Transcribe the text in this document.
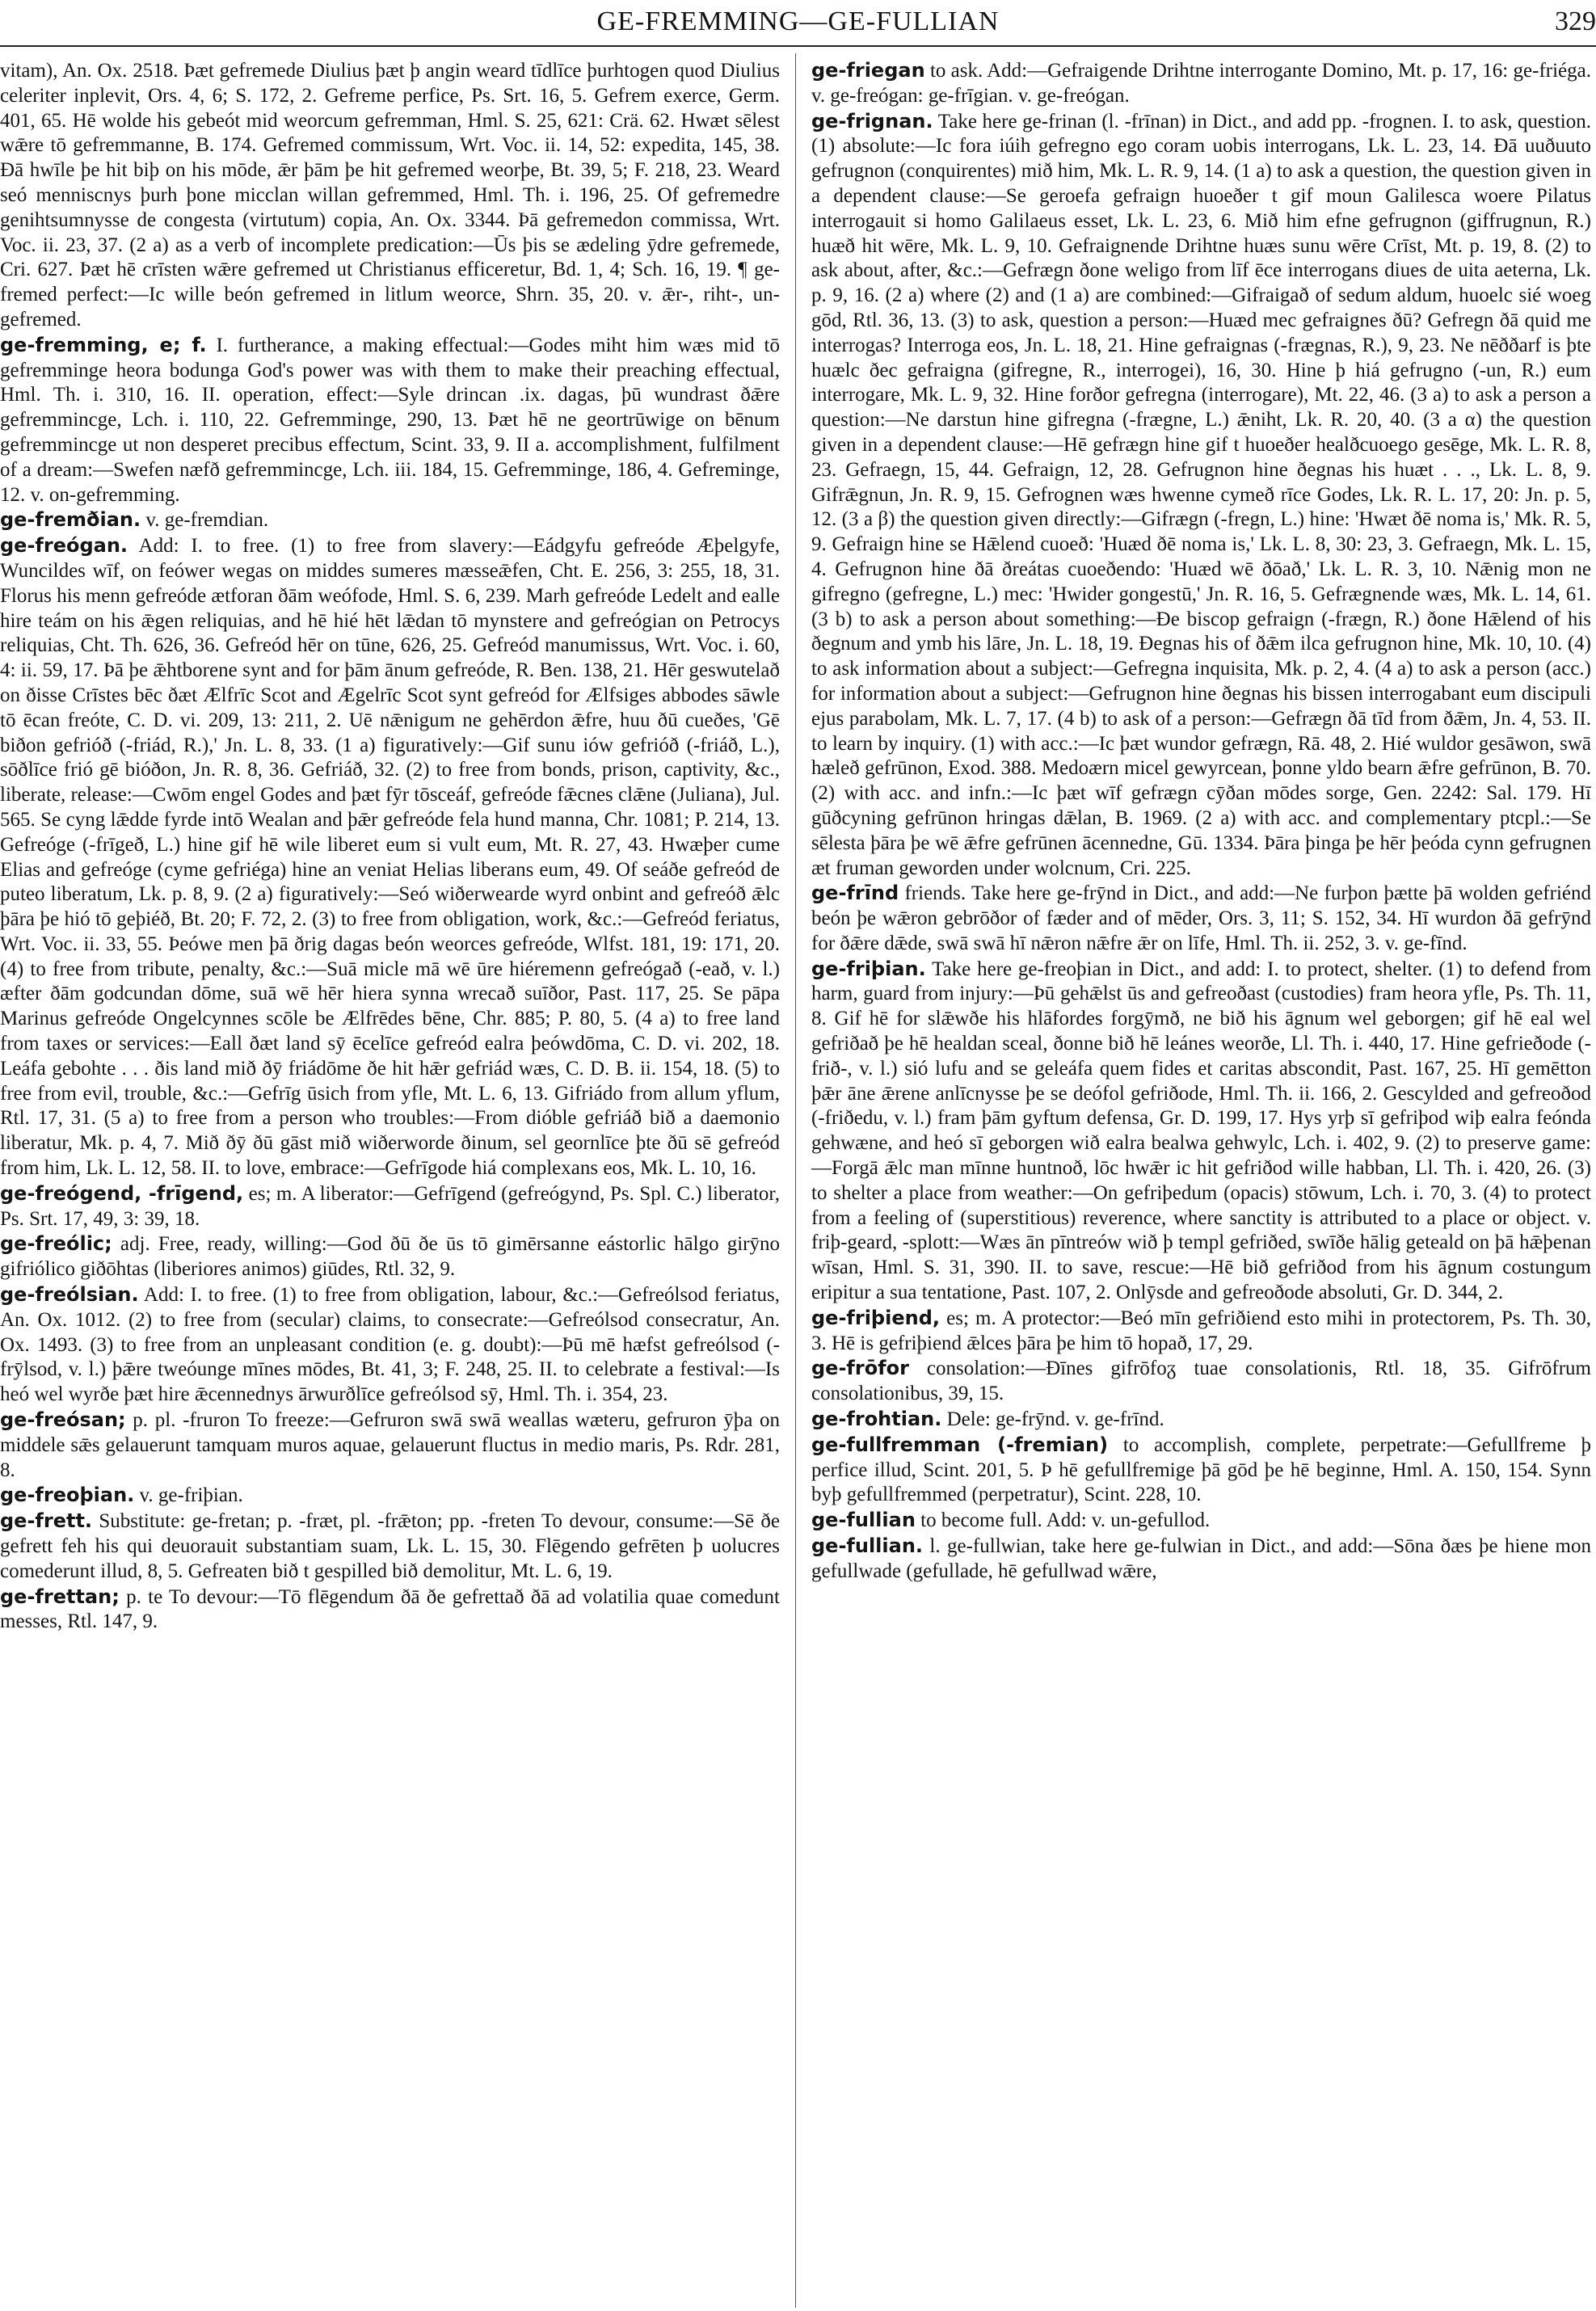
GE-FREMMING—GE-FULLIAN	329

vitam), An. Ox. 2518. Þæt gefremede Diulius þæt þ angin weard tīdlīce þurhtogen quod Diulius celeriter inplevit, Ors. 4, 6; S. 172, 2. Gefreme perfice, Ps. Srt. 16, 5. Gefrem exerce, Germ. 401, 65. Hē wolde his gebeót mid weorcum gefremman, Hml. S. 25, 621: Crä. 62. Hwæt sēlest wǣre tō gefremmanne, B. 174. Gefremed commissum, Wrt. Voc. ii. 14, 52: expedita, 145, 38. Ðā hwīle þe hit biþ on his mōde, ǣr þām þe hit gefremed weorþe, Bt. 39, 5; F. 218, 23. Weard seó menniscnys þurh þone micclan willan gefremmed, Hml. Th. i. 196, 25. Of gefremedre genihtsumnysse de congesta (virtutum) copia, An. Ox. 3344. Þā gefremedon commissa, Wrt. Voc. ii. 23, 37. (2 a) as a verb of incomplete predication:—Ūs þis se ædeling ȳdre gefremede, Cri. 627. Þæt hē crīsten wǣre gefremed ut Christianus efficeretur, Bd. 1, 4; Sch. 16, 19. ¶ ge-fremed perfect:—Ic wille beón gefremed in litlum weorce, Shrn. 35, 20. v. ǣr-, riht-, un-gefremed.

ge-fremming, e; f. I. furtherance, a making effectual:—Godes miht him wæs mid tō gefremminge heora bodunga God's power was with them to make their preaching effectual, Hml. Th. i. 310, 16. II. operation, effect:—Syle drincan .ix. dagas, þū wundrast ðǣre gefremmincge, Lch. i. 110, 22. Gefremminge, 290, 13. Þæt hē ne geortrūwige on bēnum gefremmincge ut non desperet precibus effectum, Scint. 33, 9. II a. accomplishment, fulfilment of a dream:—Swefen næfð gefremmincge, Lch. iii. 184, 15. Gefremminge, 186, 4. Gefreminge, 12. v. on-gefremming.

ge-fremðian. v. ge-fremdian.

ge-freógan. Add: I. to free. (1) to free from slavery:—Eádgyfu gefreóde Æþelgyfe, Wuncildes wīf, on feówer wegas on middes sumeres mæsseǣfen, Cht. E. 256, 3: 255, 18, 31. Florus his menn gefreóde ætforan ðām weófode, Hml. S. 6, 239. Marh gefreóde Ledelt and ealle hire teám on his ǣgen reliquias, and hē hié hēt lǣdan tō mynstere and gefreógian on Petrocys reliquias, Cht. Th. 626, 36. Gefreód hēr on tūne, 626, 25. Gefreód manumissus, Wrt. Voc. i. 60, 4: ii. 59, 17. Þā þe ǣhtborene synt and for þām ānum gefreóde, R. Ben. 138, 21. Hēr geswutelað on ðisse Crīstes bēc ðæt Ælfrīc Scot and Ægelrīc Scot synt gefreód for Ælfsiges abbodes sāwle tō ēcan freóte, C. D. vi. 209, 13: 211, 2. Uē nǣnigum ne gehērdon ǣfre, huu ðū cueðes, 'Gē biðon gefrióð (-friád, R.),' Jn. L. 8, 33. (1 a) figuratively:—Gif sunu iów gefrióð (-friáð, L.), sōðlīce frió gē bióðon, Jn. R. 8, 36. Gefriáð, 32. (2) to free from bonds, prison, captivity, &c., liberate, release:—Cwōm engel Godes and þæt fȳr tōsceáf, gefreóde fǣcnes clǣne (Juliana), Jul. 565. Se cyng lǣdde fyrde intō Wealan and þǣr gefreóde fela hund manna, Chr. 1081; P. 214, 13. Gefreóge (-frīgeð, L.) hine gif hē wile liberet eum si vult eum, Mt. R. 27, 43. Hwæþer cume Elias and gefreóge (cyme gefriéga) hine an veniat Helias liberans eum, 49. Of seáðe gefreód de puteo liberatum, Lk. p. 8, 9. (2 a) figuratively:—Seó wiðerwearde wyrd onbint and gefreóð ǣlc þāra þe hió tō geþiéð, Bt. 20; F. 72, 2. (3) to free from obligation, work, &c.:—Gefreód feriatus, Wrt. Voc. ii. 33, 55. Þeówe men þā ðrig dagas beón weorces gefreóde, Wlfst. 181, 19: 171, 20. (4) to free from tribute, penalty, &c.:—Suā micle mā wē ūre hiéremenn gefreógað (-eað, v. l.) æfter ðām godcundan dōme, suā wē hēr hiera synna wrecað suīðor, Past. 117, 25. Se pāpa Marinus gefreóde Ongelcynnes scōle be Ælfrēdes bēne, Chr. 885; P. 80, 5. (4 a) to free land from taxes or services:—Eall ðæt land sȳ ēcelīce gefreód ealra þeówdōma, C. D. vi. 202, 18. Leáfa gebohte . . . ðis land mið ðȳ friádōme ðe hit hǣr gefriád wæs, C. D. B. ii. 154, 18. (5) to free from evil, trouble, &c.:—Gefrīg ūsich from yfle, Mt. L. 6, 13. Gifriádo from allum yflum, Rtl. 17, 31. (5 a) to free from a person who troubles:—From dióble gefriáð bið a daemonio liberatur, Mk. p. 4, 7. Mið ðȳ ðū gāst mið wiðerworde ðinum, sel geornlīce þte ðū sē gefreód from him, Lk. L. 12, 58. II. to love, embrace:—Gefrīgode hiá complexans eos, Mk. L. 10, 16.

ge-freógend, -frīgend, es; m. A liberator:—Gefrīgend (gefreógynd, Ps. Spl. C.) liberator, Ps. Srt. 17, 49, 3: 39, 18.

ge-freólic; adj. Free, ready, willing:—God ðū ðe ūs tō gimērsanne eástorlic hālgo girȳno gifriólico giðōhtas (liberiores animos) giūdes, Rtl. 32, 9.

ge-freólsian. Add: I. to free. (1) to free from obligation, labour, &c.:—Gefreólsod feriatus, An. Ox. 1012. (2) to free from (secular) claims, to consecrate:—Gefreólsod consecratur, An. Ox. 1493. (3) to free from an unpleasant condition (e. g. doubt):—Þū mē hæfst gefreólsod (-frȳlsod, v. l.) þǣre tweóunge mīnes mōdes, Bt. 41, 3; F. 248, 25. II. to celebrate a festival:—Is heó wel wyrðe þæt hire ǣcennednys ārwurðlīce gefreólsod sȳ, Hml. Th. i. 354, 23.

ge-freósan; p. pl. -fruron To freeze:—Gefruron swā swā weallas wæteru, gefruron ȳþa on middele sǣs gelauerunt tamquam muros aquae, gelauerunt fluctus in medio maris, Ps. Rdr. 281, 8.

ge-freoþian. v. ge-friþian.

ge-frett. Substitute: ge-fretan; p. -fræt, pl. -frǣton; pp. -freten To devour, consume:—Sē ðe gefrett feh his qui deuorauit substantiam suam, Lk. L. 15, 30. Flēgendo gefrēten þ uolucres comederunt illud, 8, 5. Gefreaten bið t gespilled bið demolitur, Mt. L. 6, 19.

ge-frettan; p. te To devour:—Tō flēgendum ðā ðe gefrettað ðā ad volatilia quae comedunt messes, Rtl. 147, 9.

ge-friegan to ask. Add:—Gefraigende Drihtne interrogante Domino, Mt. p. 17, 16: ge-friéga. v. ge-freógan: ge-frīgian. v. ge-freógan.

ge-frignan. Take here ge-frinan (l. -frīnan) in Dict., and add pp. -frognen. I. to ask, question. (1) absolute:—Ic fora iúih gefregno ego coram uobis interrogans, Lk. L. 23, 14. Ðā uuðuuto gefrugnon (conquirentes) mið him, Mk. L. R. 9, 14. (1 a) to ask a question, the question given in a dependent clause:—Se geroefa gefraign huoeðer t gif moun Galilesca woere Pilatus interrogauit si homo Galilaeus esset, Lk. L. 23, 6. Mið him efne gefrugnon (giffrugnun, R.) huæð hit wēre, Mk. L. 9, 10. Gefraignende Drihtne huæs sunu wēre Crīst, Mt. p. 19, 8. (2) to ask about, after, &c.:—Gefrægn ðone weligo from līf ēce interrogans diues de uita aeterna, Lk. p. 9, 16. (2 a) where (2) and (1 a) are combined:—Gifraigað of sedum aldum, huoelc sié woeg gōd, Rtl. 36, 13. (3) to ask, question a person:—Huæd mec gefraignes ðū? Gefregn ðā quid me interrogas? Interroga eos, Jn. L. 18, 21. Hine gefraignas (-frægnas, R.), 9, 23. Ne nēððarf is þte huælc ðec gefraigna (gifregne, R., interrogei), 16, 30. Hine þ hiá gefrugno (-un, R.) eum interrogare, Mk. L. 9, 32. Hine forðor gefregna (interrogare), Mt. 22, 46. (3 a) to ask a person a question:—Ne darstun hine gifregna (-frægne, L.) ǣniht, Lk. R. 20, 40. (3 a α) the question given in a dependent clause:—Hē gefrægn hine gif t huoeðer healðcuoego gesēge, Mk. L. R. 8, 23. Gefraegn, 15, 44. Gefraign, 12, 28. Gefrugnon hine ðegnas his huæt . . ., Lk. L. 8, 9. Gifrǣgnun, Jn. R. 9, 15. Gefrognen wæs hwenne cymeð rīce Godes, Lk. R. L. 17, 20: Jn. p. 5, 12. (3 a β) the question given directly:—Gifrægn (-fregn, L.) hine: 'Hwæt ðē noma is,' Mk. R. 5, 9. Gefraign hine se Hǣlend cuoeð: 'Huæd ðē noma is,' Lk. L. 8, 30: 23, 3. Gefraegn, Mk. L. 15, 4. Gefrugnon hine ðā ðreátas cuoeðendo: 'Huæd wē ðōað,' Lk. L. R. 3, 10. Nǣnig mon ne gifregno (gefregne, L.) mec: 'Hwider gongestū,' Jn. R. 16, 5. Gefrægnende wæs, Mk. L. 14, 61. (3 b) to ask a person about something:—Ðe biscop gefraign (-frægn, R.) ðone Hǣlend of his ðegnum and ymb his lāre, Jn. L. 18, 19. Ðegnas his of ðǣm ilca gefrugnon hine, Mk. 10, 10. (4) to ask information about a subject:—Gefregna inquisita, Mk. p. 2, 4. (4 a) to ask a person (acc.) for information about a subject:—Gefrugnon hine ðegnas his bissen interrogabant eum discipuli ejus parabolam, Mk. L. 7, 17. (4 b) to ask of a person:—Gefrægn ðā tīd from ðǣm, Jn. 4, 53. II. to learn by inquiry. (1) with acc.:—Ic þæt wundor gefrægn, Rā. 48, 2. Hié wuldor gesāwon, swā hæleð gefrūnon, Exod. 388. Medoærn micel gewyrcean, þonne yldo bearn ǣfre gefrūnon, B. 70. (2) with acc. and infn.:—Ic þæt wīf gefrægn cȳðan mōdes sorge, Gen. 2242: Sal. 179. Hī gūðcyning gefrūnon hringas dǣlan, B. 1969. (2 a) with acc. and complementary ptcpl.:—Se sēlesta þāra þe wē ǣfre gefrūnen ācennedne, Gū. 1334. Þāra þinga þe hēr þeóda cynn gefrugnen æt fruman geworden under wolcnum, Cri. 225.

ge-frīnd friends. Take here ge-frȳnd in Dict., and add:—Ne furþon þætte þā wolden gefriénd beón þe wǣron gebrōðor of fæder and of mēder, Ors. 3, 11; S. 152, 34. Hī wurdon ðā gefrȳnd for ðǣre dǣde, swā swā hī nǣron nǣfre ǣr on līfe, Hml. Th. ii. 252, 3. v. ge-fīnd.

ge-friþian. Take here ge-freoþian in Dict., and add: I. to protect, shelter. (1) to defend from harm, guard from injury:—Þū gehǣlst ūs and gefreoðast (custodies) fram heora yfle, Ps. Th. 11, 8. Gif hē for slǣwðe his hlāfordes forgȳmð, ne bið his āgnum wel geborgen; gif hē eal wel gefriðað þe hē healdan sceal, ðonne bið hē leánes weorðe, Ll. Th. i. 440, 17. Hine gefrieðode (-frið-, v. l.) sió lufu and se geleáfa quem fides et caritas abscondit, Past. 167, 25. Hī gemētton þǣr āne ǣrene anlīcnysse þe se deófol gefriðode, Hml. Th. ii. 166, 2. Gescylded and gefreoðod (-friðedu, v. l.) fram þām gyftum defensa, Gr. D. 199, 17. Hys yrþ sī gefriþod wiþ ealra feónda gehwæne, and heó sī geborgen wið ealra bealwa gehwylc, Lch. i. 402, 9. (2) to preserve game:—Forgā ǣlc man mīnne huntnoð, lōc hwǣr ic hit gefriðod wille habban, Ll. Th. i. 420, 26. (3) to shelter a place from weather:—On gefriþedum (opacis) stōwum, Lch. i. 70, 3. (4) to protect from a feeling of (superstitious) reverence, where sanctity is attributed to a place or object. v. friþ-geard, -splott:—Wæs ān pīntreów wið þ templ gefriðed, swīðe hālig geteald on þā hǣþenan wīsan, Hml. S. 31, 390. II. to save, rescue:—Hē bið gefriðod from his āgnum costungum eripitur a sua tentatione, Past. 107, 2. Onlȳsde and gefreoðode absoluti, Gr. D. 344, 2.

ge-friþiend, es; m. A protector:—Beó mīn gefriðiend esto mihi in protectorem, Ps. Th. 30, 3. Hē is gefriþiend ǣlces þāra þe him tō hopað, 17, 29.

ge-frōfor consolation:—Ðīnes gifrōfoᵹ tuae consolationis, Rtl. 18, 35. Gifrōfrum consolationibus, 39, 15.

ge-frohtian. Dele: ge-frȳnd. v. ge-frīnd.

ge-fullfremman (-fremian) to accomplish, complete, perpetrate:—Gefullfreme þ perfice illud, Scint. 201, 5. Þ hē gefullfremige þā gōd þe hē beginne, Hml. A. 150, 154. Synn byþ gefullfremmed (perpetratur), Scint. 228, 10.

ge-fullian to become full. Add: v. un-gefullod.

ge-fullian. l. ge-fullwian, take here ge-fulwian in Dict., and add:—Sōna ðæs þe hiene mon gefullwade (gefullade, hē gefullwad wǣre,
